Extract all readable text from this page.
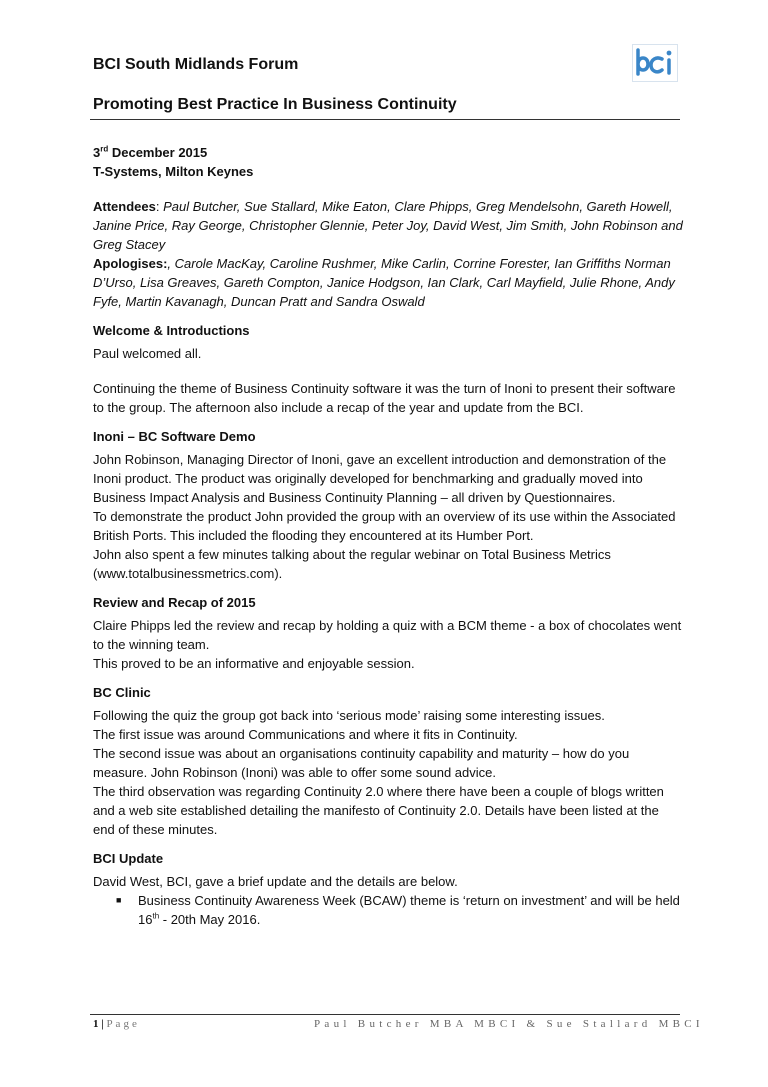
BCI South Midlands Forum
Promoting Best Practice In Business Continuity

3rd December 2015

T-Systems, Milton Keynes

Attendees: Paul Butcher, Sue Stallard, Mike Eaton, Clare Phipps, Greg Mendelsohn, Gareth Howell, Janine Price, Ray George, Christopher Glennie, Peter Joy, David West, Jim Smith, John Robinson and Greg Stacey

Apologises:, Carole MacKay, Caroline Rushmer, Mike Carlin, Corrine Forester, Ian Griffiths Norman D’Urso, Lisa Greaves, Gareth Compton, Janice Hodgson, Ian Clark, Carl Mayfield, Julie Rhone, Andy Fyfe, Martin Kavanagh, Duncan Pratt and Sandra Oswald

Welcome & Introductions

Paul welcomed all.

Continuing the theme of Business Continuity software it was the turn of Inoni to present their software to the group. The afternoon also include a recap of the year and update from the BCI.

Inoni – BC Software Demo

John Robinson, Managing Director of Inoni, gave an excellent introduction and demonstration of the Inoni product. The product was originally developed for benchmarking and gradually moved into Business Impact Analysis and Business Continuity Planning – all driven by Questionnaires.

To demonstrate the product John provided the group with an overview of its use within the Associated British Ports. This included the flooding they encountered at its Humber Port.

John also spent a few minutes talking about the regular webinar on Total Business Metrics (www.totalbusinessmetrics.com).

Review and Recap of 2015

Claire Phipps led the review and recap by holding a quiz with a BCM theme - a box of chocolates went to the winning team.

This proved to be an informative and enjoyable session.

BC Clinic

Following the quiz the group got back into ‘serious mode’ raising some interesting issues.

The first issue was around Communications and where it fits in Continuity.

The second issue was about an organisations continuity capability and maturity – how do you measure. John Robinson (Inoni) was able to offer some sound advice.

The third observation was regarding Continuity 2.0 where there have been a couple of blogs written and a web site established detailing the manifesto of Continuity 2.0. Details have been listed at the end of these minutes.

BCI Update

David West, BCI, gave a brief update and the details are below.

■	Business Continuity Awareness Week (BCAW) theme is ‘return on investment’ and will be held 16th - 20th May 2016.
1 | Page	Paul Butcher MBA MBCI & Sue Stallard MBCI
